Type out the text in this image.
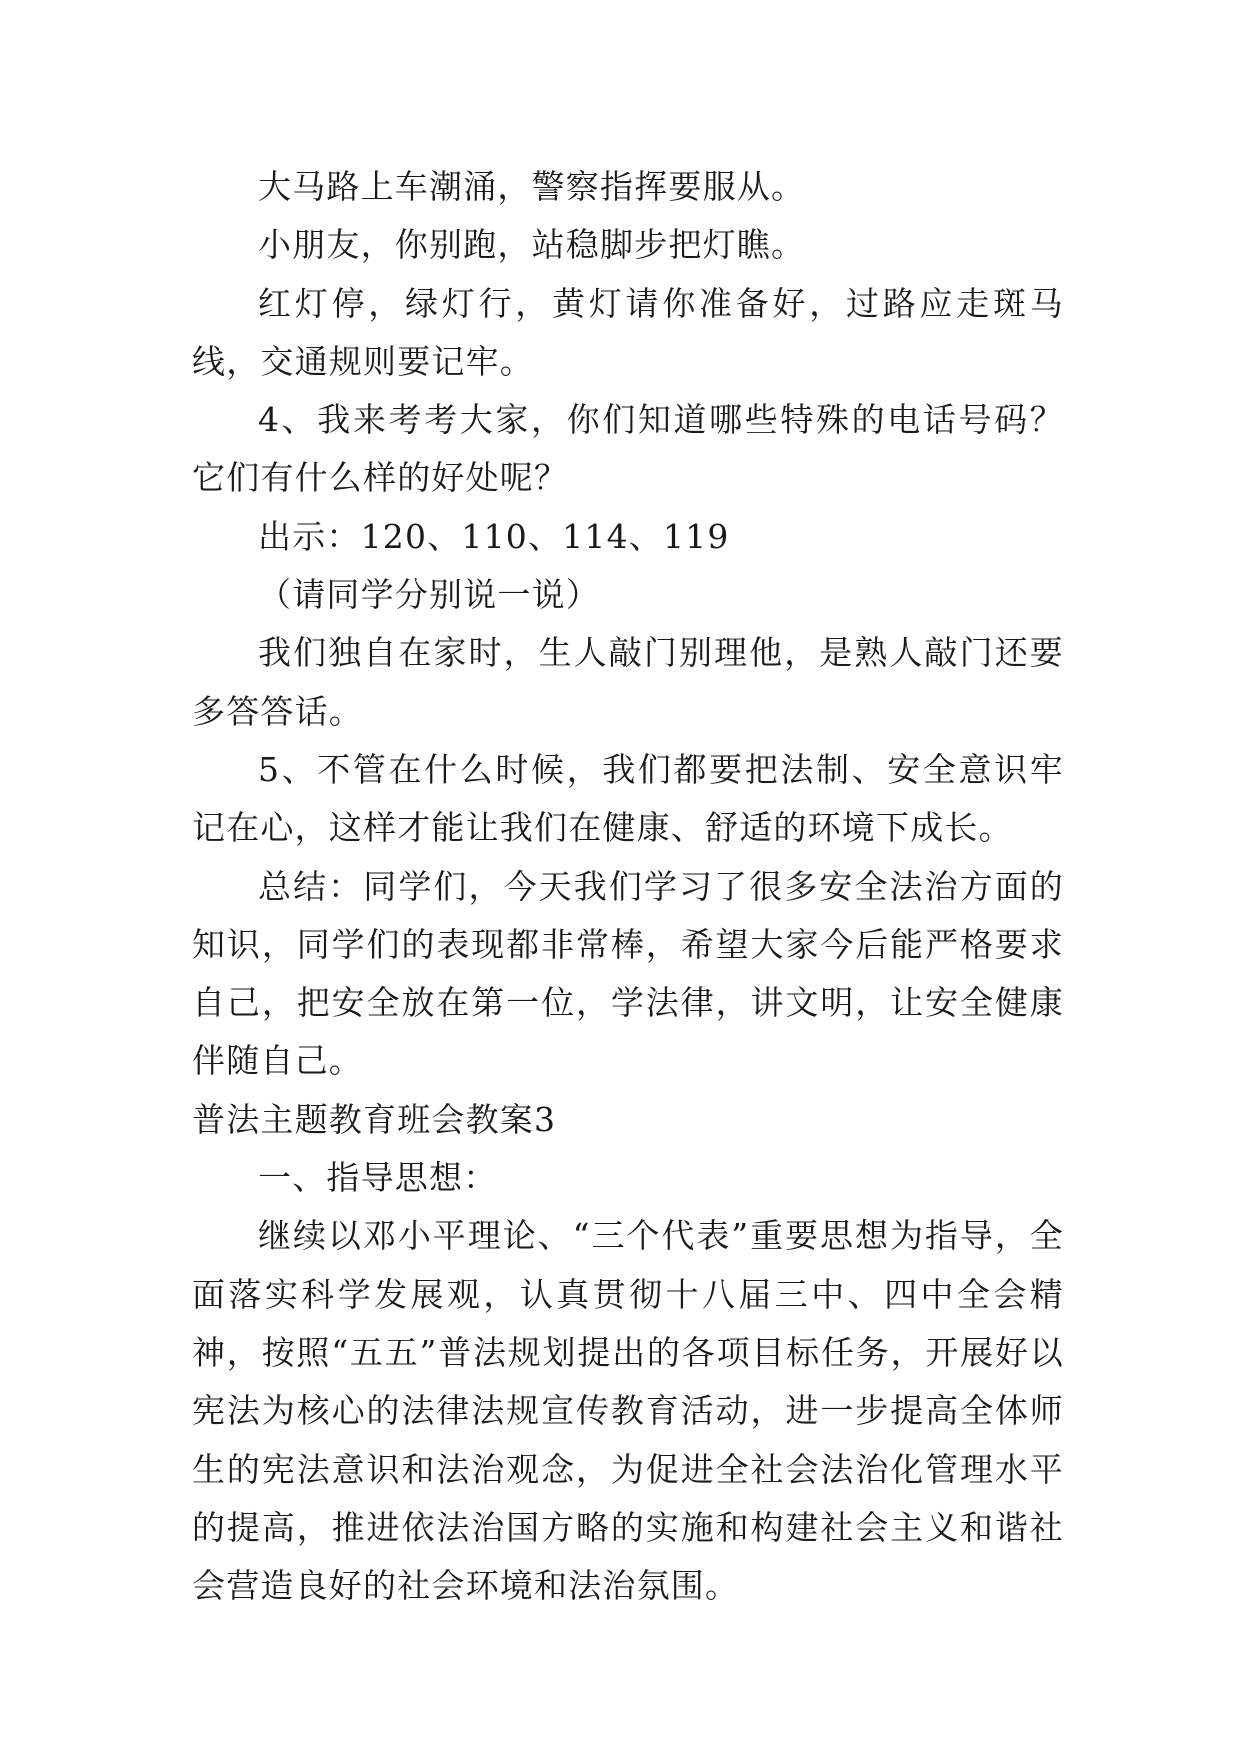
大马路上车潮涌，警察指挥要服从。

小朋友，你别跑，站稳脚步把灯瞧。

红灯停，绿灯行，黄灯请你准备好，过路应走斑马线，交通规则要记牢。

4、我来考考大家，你们知道哪些特殊的电话号码？它们有什么样的好处呢？

出示：120、110、114、119

（请同学分别说一说）

我们独自在家时，生人敲门别理他，是熟人敲门还要多答答话。

5、不管在什么时候，我们都要把法制、安全意识牢记在心，这样才能让我们在健康、舒适的环境下成长。

总结：同学们，今天我们学习了很多安全法治方面的知识，同学们的表现都非常棒，希望大家今后能严格要求自己，把安全放在第一位，学法律，讲文明，让安全健康伴随自己。

普法主题教育班会教案3

一、指导思想：

继续以邓小平理论、“三个代表”重要思想为指导，全面落实科学发展观，认真贯彻十八届三中、四中全会精神，按照“五五”普法规划提出的各项目标任务，开展好以宪法为核心的法律法规宣传教育活动，进一步提高全体师生的宪法意识和法治观念，为促进全社会法治化管理水平的提高，推进依法治国方略的实施和构建社会主义和谐社会营造良好的社会环境和法治氛围。
